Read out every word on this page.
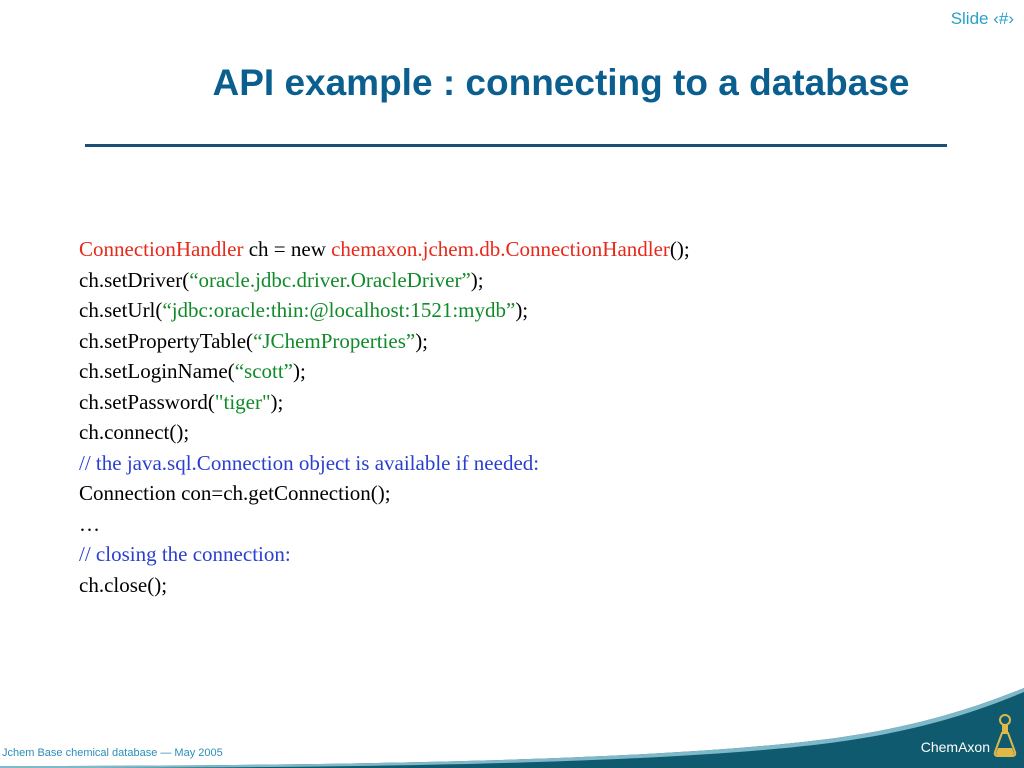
Slide ‹#›
API example : connecting to a database
ConnectionHandler ch = new chemaxon.jchem.db.ConnectionHandler();
ch.setDriver(“oracle.jdbc.driver.OracleDriver”);
ch.setUrl(“jdbc:oracle:thin:@localhost:1521:mydb”);
ch.setPropertyTable(“JChemProperties”);
ch.setLoginName(“scott”);
ch.setPassword("tiger");
ch.connect();
// the java.sql.Connection object is available if needed:
Connection con=ch.getConnection();
…
// closing the connection:
ch.close();
Jchem Base chemical database — May 2005	ChemAxon
